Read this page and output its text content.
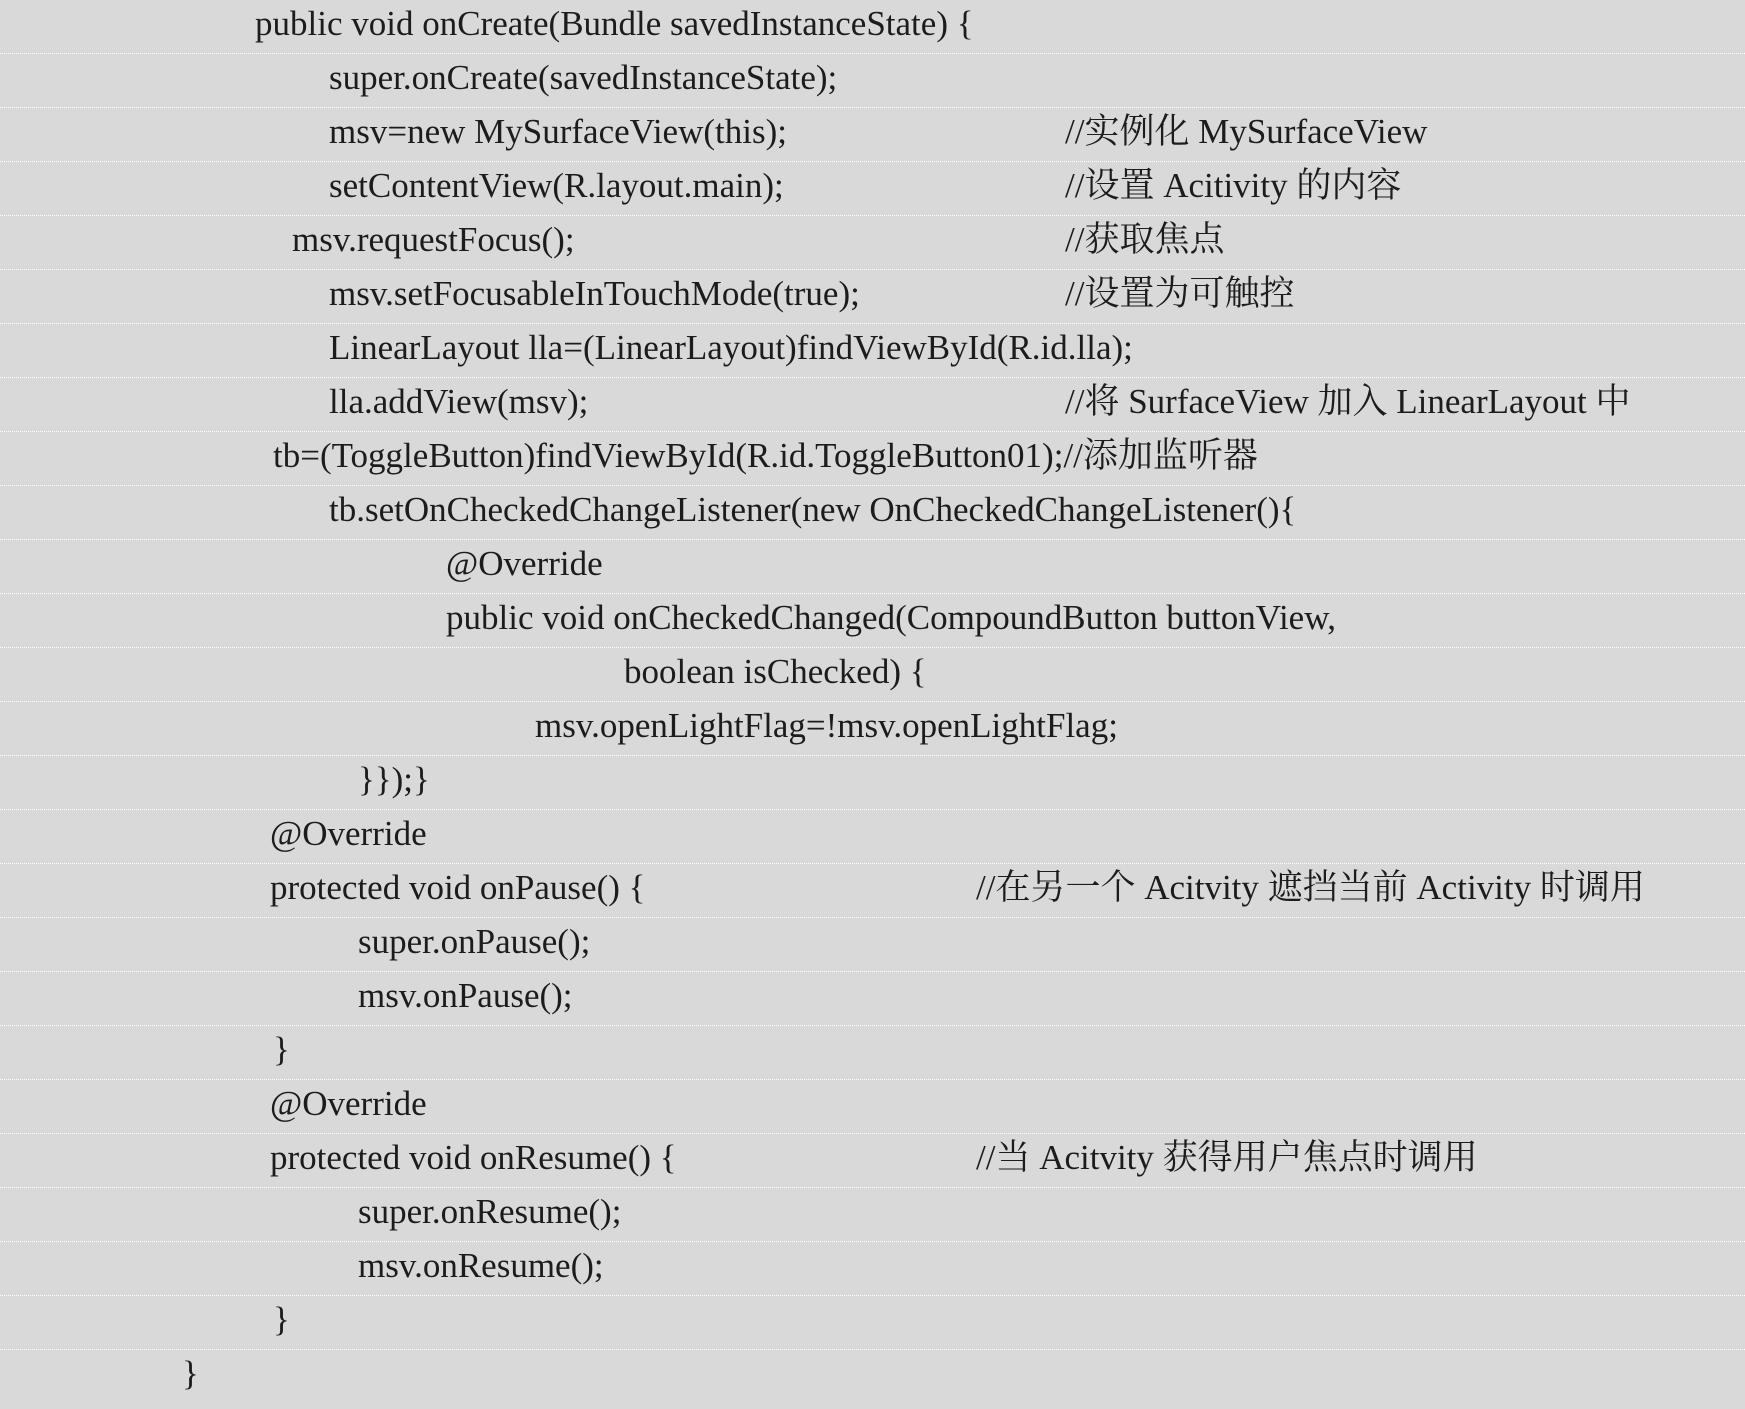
public void onCreate(Bundle savedInstanceState) {
super.onCreate(savedInstanceState);
msv=new MySurfaceView(this);	//实例化 MySurfaceView
setContentView(R.layout.main);	//设置 Acitivity 的内容
msv.requestFocus();	//获取焦点
msv.setFocusableInTouchMode(true);	//设置为可触控
LinearLayout lla=(LinearLayout)findViewById(R.id.lla);
lla.addView(msv);	//将 SurfaceView 加入 LinearLayout 中
tb=(ToggleButton)findViewById(R.id.ToggleButton01);//添加监听器
tb.setOnCheckedChangeListener(new OnCheckedChangeListener(){
@Override
public void onCheckedChanged(CompoundButton buttonView,
boolean isChecked) {
msv.openLightFlag=!msv.openLightFlag;
}});}
@Override
protected void onPause() {	//在另一个 Acitvity 遮挡当前 Activity 时调用
super.onPause();
msv.onPause();
}
@Override
protected void onResume() {	//当 Acitvity 获得用户焦点时调用
super.onResume();
msv.onResume();
}
}
